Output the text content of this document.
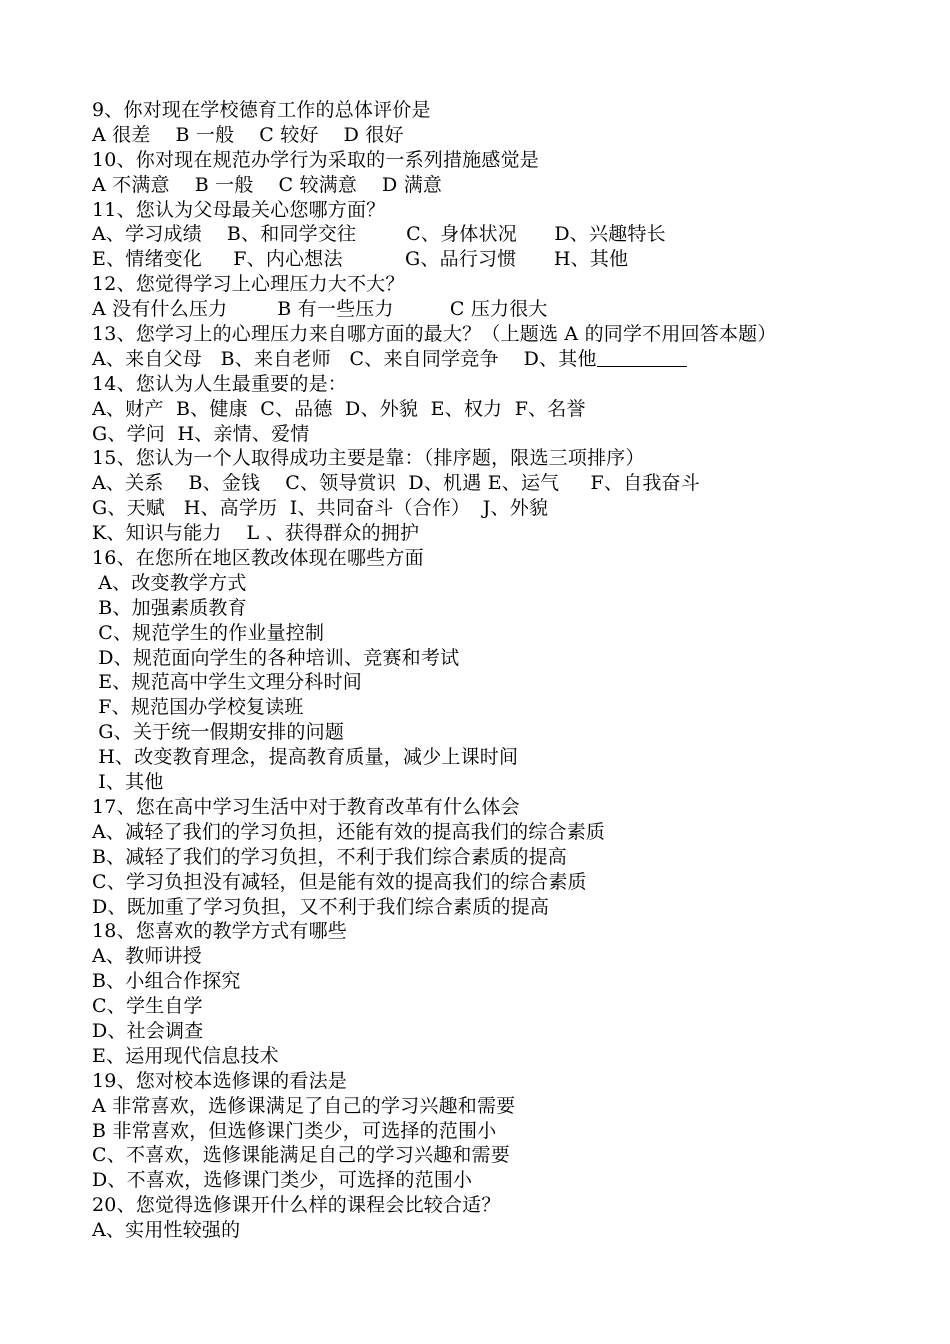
9、你对现在学校德育工作的总体评价是
A 很差    B 一般    C 较好    D 很好
10、你对现在规范办学行为采取的一系列措施感觉是
A 不满意    B 一般    C 较满意    D 满意
11、您认为父母最关心您哪方面？
A、学习成绩    B、和同学交往        C、身体状况      D、兴趣特长
E、情绪变化     F、内心想法          G、品行习惯      H、其他
12、您觉得学习上心理压力大不大？
A 没有什么压力        B 有一些压力         C 压力很大
13、您学习上的心理压力来自哪方面的最大？（上题选 A 的同学不用回答本题）
A、来自父母   B、来自老师   C、来自同学竞争    D、其他
14、您认为人生最重要的是：
A、财产  B、健康  C、品德  D、外貌  E、权力  F、名誉
G、学问  H、亲情、爱情
15、您认为一个人取得成功主要是靠：（排序题，限选三项排序）
A、关系    B、金钱    C、领导赏识  D、机遇 E、运气     F、自我奋斗
G、天赋   H、高学历  I、共同奋斗（合作）  J、外貌
K、知识与能力    L 、获得群众的拥护
16、在您所在地区教改体现在哪些方面
A、改变教学方式
B、加强素质教育
C、规范学生的作业量控制
D、规范面向学生的各种培训、竞赛和考试
E、规范高中学生文理分科时间
F、规范国办学校复读班
G、关于统一假期安排的问题
H、改变教育理念，提高教育质量，减少上课时间
I、其他
17、您在高中学习生活中对于教育改革有什么体会
A、减轻了我们的学习负担，还能有效的提高我们的综合素质
B、减轻了我们的学习负担，不利于我们综合素质的提高
C、学习负担没有减轻，但是能有效的提高我们的综合素质
D、既加重了学习负担，又不利于我们综合素质的提高
18、您喜欢的教学方式有哪些
A、教师讲授
B、小组合作探究
C、学生自学
D、社会调查
E、运用现代信息技术
19、您对校本选修课的看法是
A 非常喜欢，选修课满足了自己的学习兴趣和需要
B 非常喜欢，但选修课门类少，可选择的范围小
C、不喜欢，选修课能满足自己的学习兴趣和需要
D、不喜欢，选修课门类少，可选择的范围小
20、您觉得选修课开什么样的课程会比较合适？
A、实用性较强的
